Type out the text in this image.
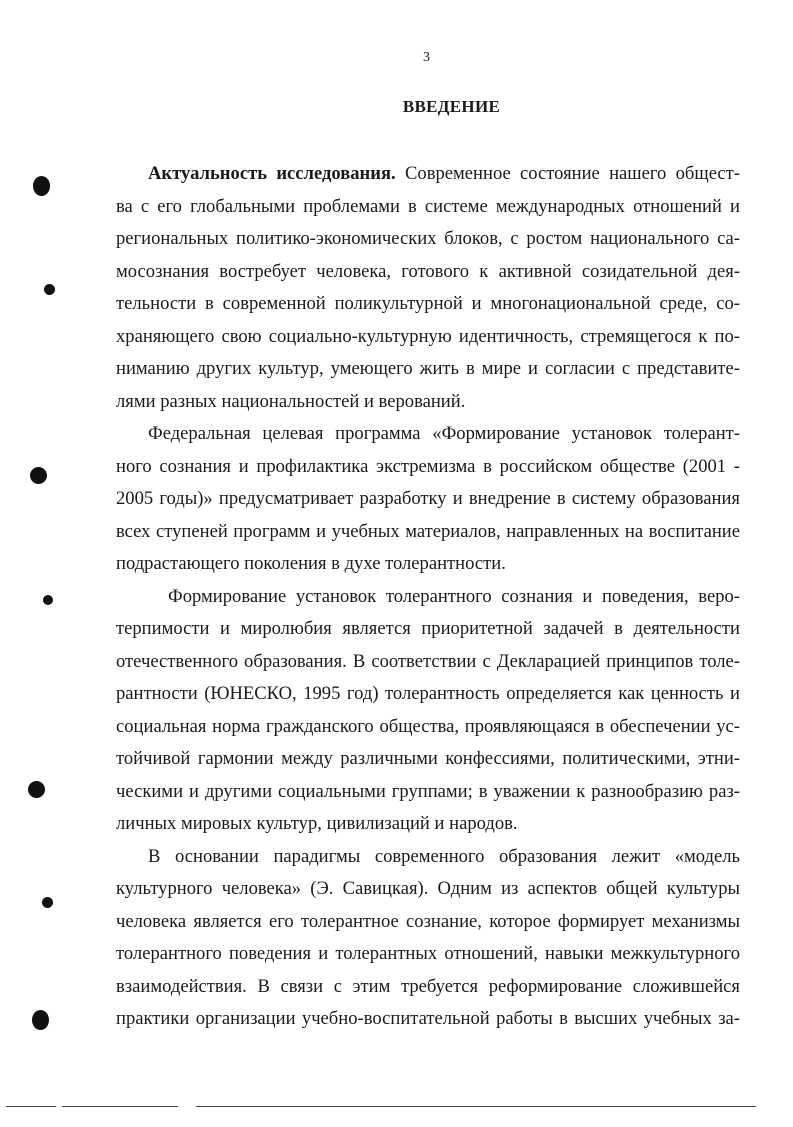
3
ВВЕДЕНИЕ
Актуальность исследования. Современное состояние нашего общест-
ва с его глобальными проблемами в системе международных отношений и
региональных политико-экономических блоков, с ростом национального са-
мосознания востребует человека, готового к активной созидательной дея-
тельности в современной поликультурной и многонациональной среде, со-
храняющего свою социально-культурную идентичность, стремящегося к по-
ниманию других культур, умеющего жить в мире и согласии с представите-
лями разных национальностей и верований.
Федеральная целевая программа «Формирование установок толерант-
ного сознания и профилактика экстремизма в российском обществе (2001 -
2005 годы)» предусматривает разработку и внедрение в систему образования
всех ступеней программ и учебных материалов, направленных на воспитание
подрастающего поколения в духе толерантности.
Формирование установок толерантного сознания и поведения, веро-
терпимости и миролюбия является приоритетной задачей в деятельности
отечественного образования. В соответствии с Декларацией принципов толе-
рантности (ЮНЕСКО, 1995 год) толерантность определяется как ценность и
социальная норма гражданского общества, проявляющаяся в обеспечении ус-
тойчивой гармонии между различными конфессиями, политическими, этни-
ческими и другими социальными группами; в уважении к разнообразию раз-
личных мировых культур, цивилизаций и народов.
В основании парадигмы современного образования лежит «модель
культурного человека» (Э. Савицкая). Одним из аспектов общей культуры
человека является его толерантное сознание, которое формирует механизмы
толерантного поведения и толерантных отношений, навыки межкультурного
взаимодействия. В связи с этим требуется реформирование сложившейся
практики организации учебно-воспитательной работы в высших учебных за-
